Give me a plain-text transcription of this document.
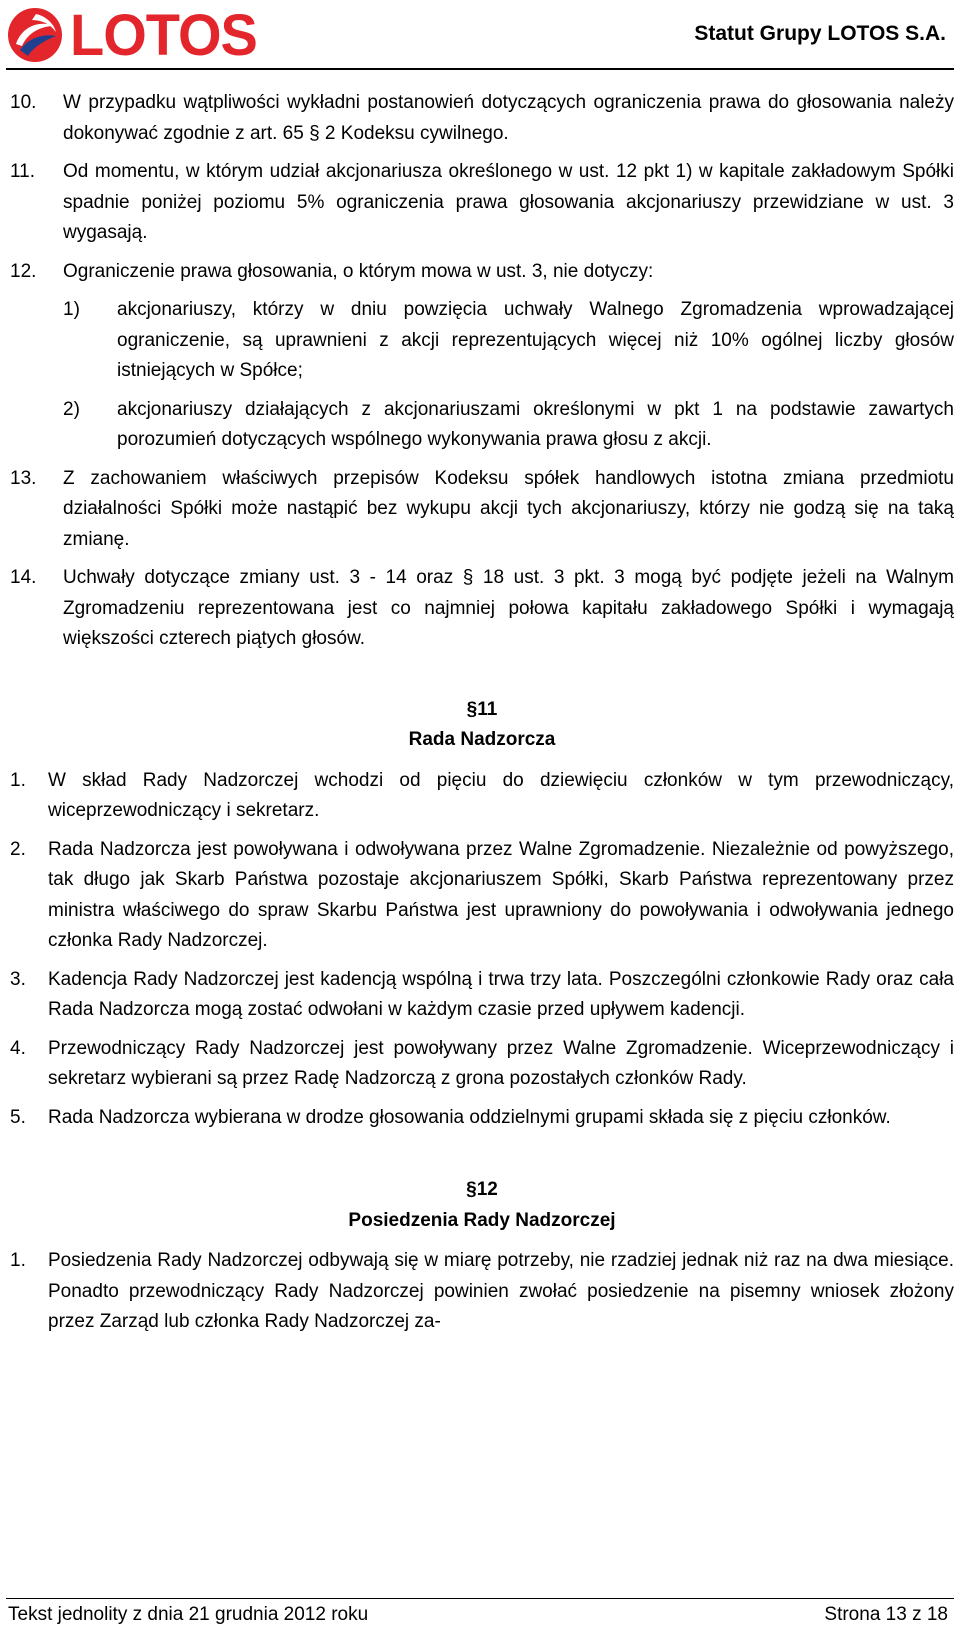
LOTOS	Statut Grupy LOTOS S.A.
10. W przypadku wątpliwości wykładni postanowień dotyczących ograniczenia prawa do głosowania należy dokonywać zgodnie z art. 65 § 2 Kodeksu cywilnego.
11. Od momentu, w którym udział akcjonariusza określonego w ust. 12 pkt 1) w kapitale zakładowym Spółki spadnie poniżej poziomu 5% ograniczenia prawa głosowania akcjonariuszy przewidziane w ust. 3 wygasają.
12. Ograniczenie prawa głosowania, o którym mowa w ust. 3, nie dotyczy:
1) akcjonariuszy, którzy w dniu powzięcia uchwały Walnego Zgromadzenia wprowadzającej ograniczenie, są uprawnieni z akcji reprezentujących więcej niż 10% ogólnej liczby głosów istniejących w Spółce;
2) akcjonariuszy działających z akcjonariuszami określonymi w pkt 1 na podstawie zawartych porozumień dotyczących wspólnego wykonywania prawa głosu z akcji.
13. Z zachowaniem właściwych przepisów Kodeksu spółek handlowych istotna zmiana przedmiotu działalności Spółki może nastąpić bez wykupu akcji tych akcjonariuszy, którzy nie godzą się na taką zmianę.
14. Uchwały dotyczące zmiany ust. 3 - 14 oraz § 18 ust. 3 pkt. 3 mogą być podjęte jeżeli na Walnym Zgromadzeniu reprezentowana jest co najmniej połowa kapitału zakładowego Spółki i wymagają większości czterech piątych głosów.
§11
Rada Nadzorcza
1. W skład Rady Nadzorczej wchodzi od pięciu do dziewięciu członków w tym przewodniczący, wiceprzewodniczący i sekretarz.
2. Rada Nadzorcza jest powoływana i odwoływana przez Walne Zgromadzenie. Niezależnie od powyższego, tak długo jak Skarb Państwa pozostaje akcjonariuszem Spółki, Skarb Państwa reprezentowany przez ministra właściwego do spraw Skarbu Państwa jest uprawniony do powoływania i odwoływania jednego członka Rady Nadzorczej.
3. Kadencja Rady Nadzorczej jest kadencją wspólną i trwa trzy lata. Poszczególni członkowie Rady oraz cała Rada Nadzorcza mogą zostać odwołani w każdym czasie przed upływem kadencji.
4. Przewodniczący Rady Nadzorczej jest powoływany przez Walne Zgromadzenie. Wiceprzewodniczący i sekretarz wybierani są przez Radę Nadzorczą z grona pozostałych członków Rady.
5. Rada Nadzorcza wybierana w drodze głosowania oddzielnymi grupami składa się z pięciu członków.
§12
Posiedzenia Rady Nadzorczej
1. Posiedzenia Rady Nadzorczej odbywają się w miarę potrzeby, nie rzadziej jednak niż raz na dwa miesiące. Ponadto przewodniczący Rady Nadzorczej powinien zwołać posiedzenie na pisemny wniosek złożony przez Zarząd lub członka Rady Nadzorczej za-
Tekst jednolity z dnia 21 grudnia 2012 roku	Strona 13 z 18
